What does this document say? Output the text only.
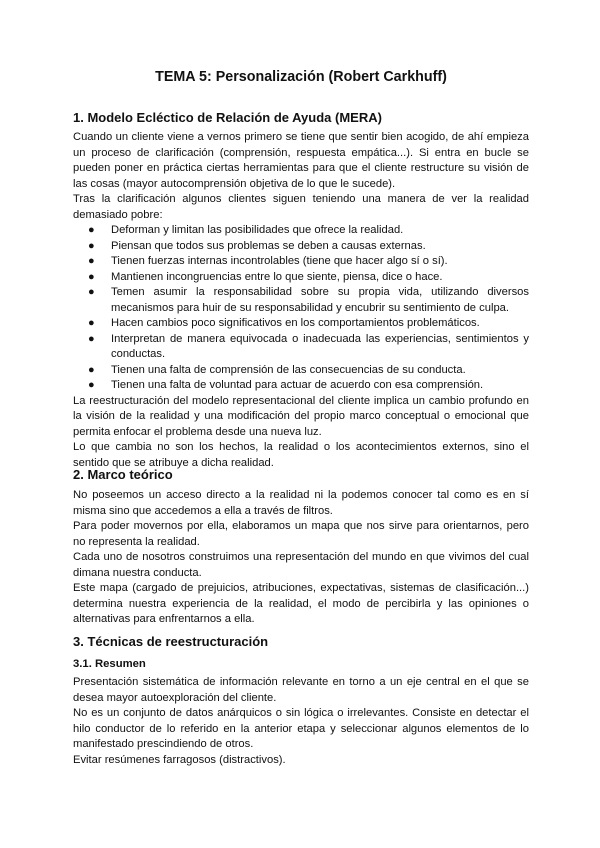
TEMA 5: Personalización (Robert Carkhuff)
1. Modelo Ecléctico de Relación de Ayuda (MERA)

Cuando un cliente viene a vernos primero se tiene que sentir bien acogido, de ahí empieza un proceso de clarificación (comprensión, respuesta empática...). Si entra en bucle se pueden poner en práctica ciertas herramientas para que el cliente restructure su visión de las cosas (mayor autocomprensión objetiva de lo que le sucede).

Tras la clarificación algunos clientes siguen teniendo una manera de ver la realidad demasiado pobre:

● Deforman y limitan las posibilidades que ofrece la realidad.
● Piensan que todos sus problemas se deben a causas externas.
● Tienen fuerzas internas incontrolables (tiene que hacer algo sí o sí).
● Mantienen incongruencias entre lo que siente, piensa, dice o hace.
● Temen asumir la responsabilidad sobre su propia vida, utilizando diversos mecanismos para huir de su responsabilidad y encubrir su sentimiento de culpa.
● Hacen cambios poco significativos en los comportamientos problemáticos.
● Interpretan de manera equivocada o inadecuada las experiencias, sentimientos y conductas.
● Tienen una falta de comprensión de las consecuencias de su conducta.
● Tienen una falta de voluntad para actuar de acuerdo con esa comprensión.

La reestructuración del modelo representacional del cliente implica un cambio profundo en la visión de la realidad y una modificación del propio marco conceptual o emocional que permita enfocar el problema desde una nueva luz.

Lo que cambia no son los hechos, la realidad o los acontecimientos externos, sino el sentido que se atribuye a dicha realidad.

2. Marco teórico

No poseemos un acceso directo a la realidad ni la podemos conocer tal como es en sí misma sino que accedemos a ella a través de filtros.

Para poder movernos por ella, elaboramos un mapa que nos sirve para orientarnos, pero no representa la realidad.

Cada uno de nosotros construimos una representación del mundo en que vivimos del cual dimana nuestra conducta.

Este mapa (cargado de prejuicios, atribuciones, expectativas, sistemas de clasificación...) determina nuestra experiencia de la realidad, el modo de percibirla y las opiniones o alternativas para enfrentarnos a ella.

3. Técnicas de reestructuración
3.1. Resumen

Presentación sistemática de información relevante en torno a un eje central en el que se desea mayor autoexploración del cliente.

No es un conjunto de datos anárquicos o sin lógica o irrelevantes. Consiste en detectar el hilo conductor de lo referido en la anterior etapa y seleccionar algunos elementos de lo manifestado prescindiendo de otros.

Evitar resúmenes farragosos (distractivos).
